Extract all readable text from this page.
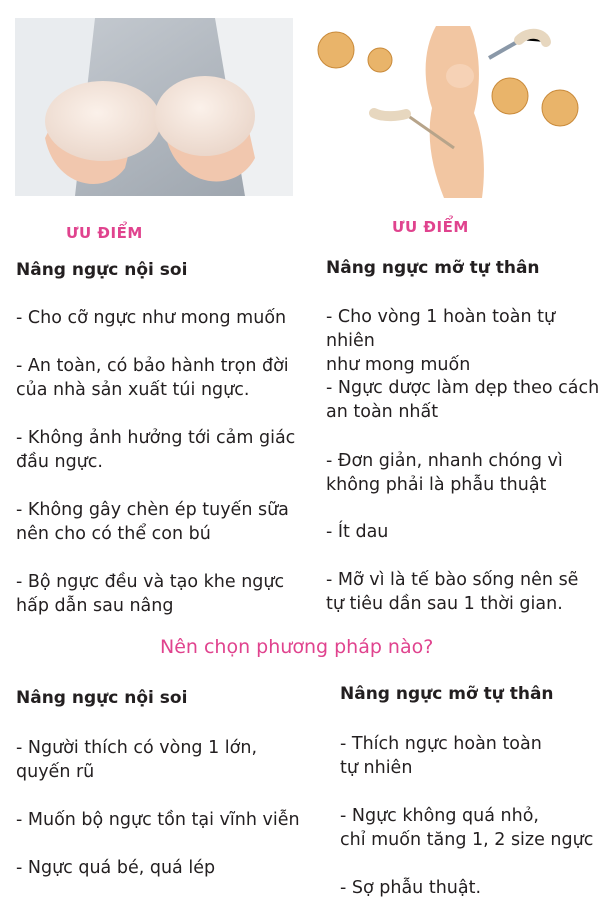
ƯU ĐIỂM	ƯU ĐIỂM
Nâng ngực nội soi
- Cho cỡ ngực như mong muốn
- An toàn, có bảo hành trọn đời
của nhà sản xuất túi ngực.
- Không ảnh hưởng tới cảm giác
đầu ngực.
- Không gây chèn ép tuyến sữa
nên cho có thể con bú
- Bộ ngực đều và tạo khe ngực
hấp dẫn sau nâng
Nâng ngực mỡ tự thân
- Cho vòng 1 hoàn toàn tự nhiên
như mong muốn
- Ngực dược làm dẹp theo cách
an toàn nhất
- Đơn giản, nhanh chóng vì
không phải là phẫu thuật
- Ít dau
- Mỡ vì là tế bào sống nên sẽ
tự tiêu dần sau 1 thời gian.
Nên chọn phương pháp nào?
Nâng ngực nội soi
- Người thích có vòng 1 lớn,
quyến rũ
- Muốn bộ ngực tồn tại vĩnh viễn
- Ngực quá bé, quá lép
Nâng ngực mỡ tự thân
- Thích ngực hoàn toàn
tự nhiên
- Ngực không quá nhỏ,
chỉ muốn tăng 1, 2 size ngực
- Sợ phẫu thuật.
